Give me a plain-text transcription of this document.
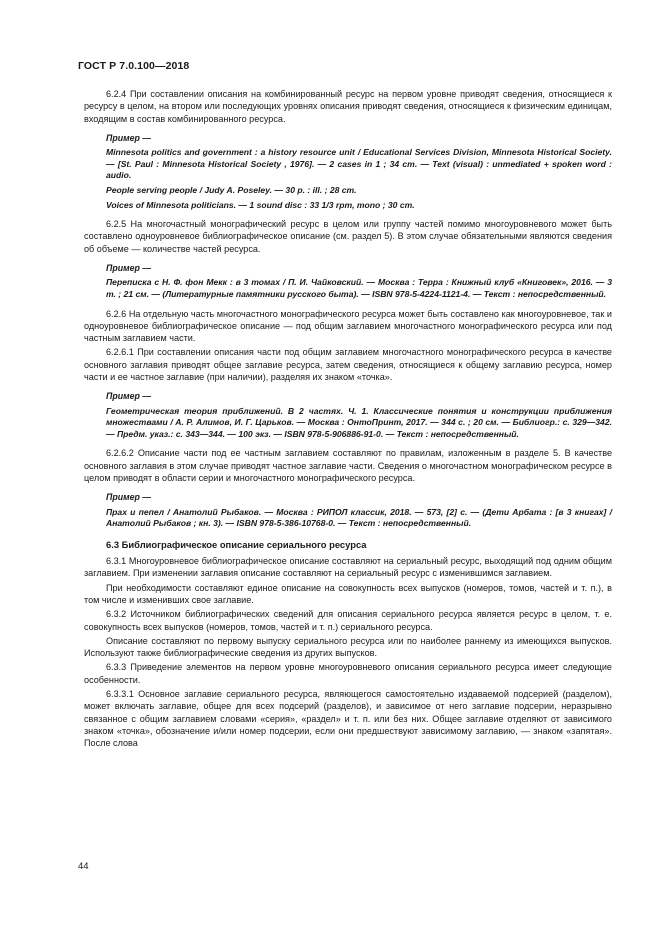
ГОСТ Р 7.0.100—2018

6.2.4 При составлении описания на комбинированный ресурс на первом уровне приводят сведения, относящиеся к ресурсу в целом, на втором или последующих уровнях описания приводят сведения, относящиеся к физическим единицам, входящим в состав комбинированного ресурса.

Пример —
Minnesota politics and government : a history resource unit / Educational Services Division, Minnesota Historical Society. — [St. Paul : Minnesota Historical Society , 1976]. — 2 cases in 1 ; 34 cm. — Text (visual) : unmediated + spoken word : audio.
People serving people / Judy A. Poseley. — 30 p. : ill. ; 28 cm.
Voices of Minnesota politicians. — 1 sound disc : 33 1/3 rpm, mono ; 30 cm.

6.2.5 На многочастный монографический ресурс в целом или группу частей помимо многоуровневого может быть составлено одноуровневое библиографическое описание (см. раздел 5). В этом случае обязательными являются сведения об объеме — количестве частей ресурса.

Пример —
Переписка с Н. Ф. фон Мекк : в 3 томах / П. И. Чайковский. — Москва : Терра : Книжный клуб «Книговек», 2016. — 3 т. ; 21 см. — (Литературные памятники русского быта). — ISBN 978-5-4224-1121-4. — Текст : непосредственный.

6.2.6 На отдельную часть многочастного монографического ресурса может быть составлено как многоуровневое, так и одноуровневое библиографическое описание — под общим заглавием многочастного монографического ресурса или под частным заглавием части.

6.2.6.1 При составлении описания части под общим заглавием многочастного монографического ресурса в качестве основного заглавия приводят общее заглавие ресурса, затем сведения, относящиеся к общему заглавию ресурса, номер части и ее частное заглавие (при наличии), разделяя их знаком «точка».

Пример —
Геометрическая теория приближений. В 2 частях. Ч. 1. Классические понятия и конструкции приближения множествами / А. Р. Алимов, И. Г. Царьков. — Москва : ОнтоПринт, 2017. — 344 с. ; 20 см. — Библиогр.: с. 329—342. — Предм. указ.: с. 343—344. — 100 экз. — ISBN 978-5-906886-91-0. — Текст : непосредственный.

6.2.6.2 Описание части под ее частным заглавием составляют по правилам, изложенным в разделе 5. В качестве основного заглавия в этом случае приводят частное заглавие части. Сведения о многочастном монографическом ресурсе в целом приводят в области серии и многочастного монографического ресурса.

Пример —
Прах и пепел / Анатолий Рыбаков. — Москва : РИПОЛ классик, 2018. — 573, [2] с. — (Дети Арбата : [в 3 книгах] / Анатолий Рыбаков ; кн. 3). — ISBN 978-5-386-10768-0. — Текст : непосредственный.
6.3 Библиографическое описание сериального ресурса

6.3.1 Многоуровневое библиографическое описание составляют на сериальный ресурс, выходящий под одним общим заглавием. При изменении заглавия описание составляют на сериальный ресурс с изменившимся заглавием.

При необходимости составляют единое описание на совокупность всех выпусков (номеров, томов, частей и т. п.), в том числе и изменивших свое заглавие.

6.3.2 Источником библиографических сведений для описания сериального ресурса является ресурс в целом, т. е. совокупность всех выпусков (номеров, томов, частей и т. п.) сериального ресурса.

Описание составляют по первому выпуску сериального ресурса или по наиболее раннему из имеющихся выпусков. Используют также библиографические сведения из других выпусков.

6.3.3 Приведение элементов на первом уровне многоуровневого описания сериального ресурса имеет следующие особенности.

6.3.3.1 Основное заглавие сериального ресурса, являющегося самостоятельно издаваемой подсерией (разделом), может включать заглавие, общее для всех подсерий (разделов), и зависимое от него заглавие подсерии, неразрывно связанное с общим заглавием словами «серия», «раздел» и т. п. или без них. Общее заглавие отделяют от зависимого знаком «точка», обозначение и/или номер подсерии, если они предшествуют зависимому заглавию, — знаком «запятая». После слова

44
